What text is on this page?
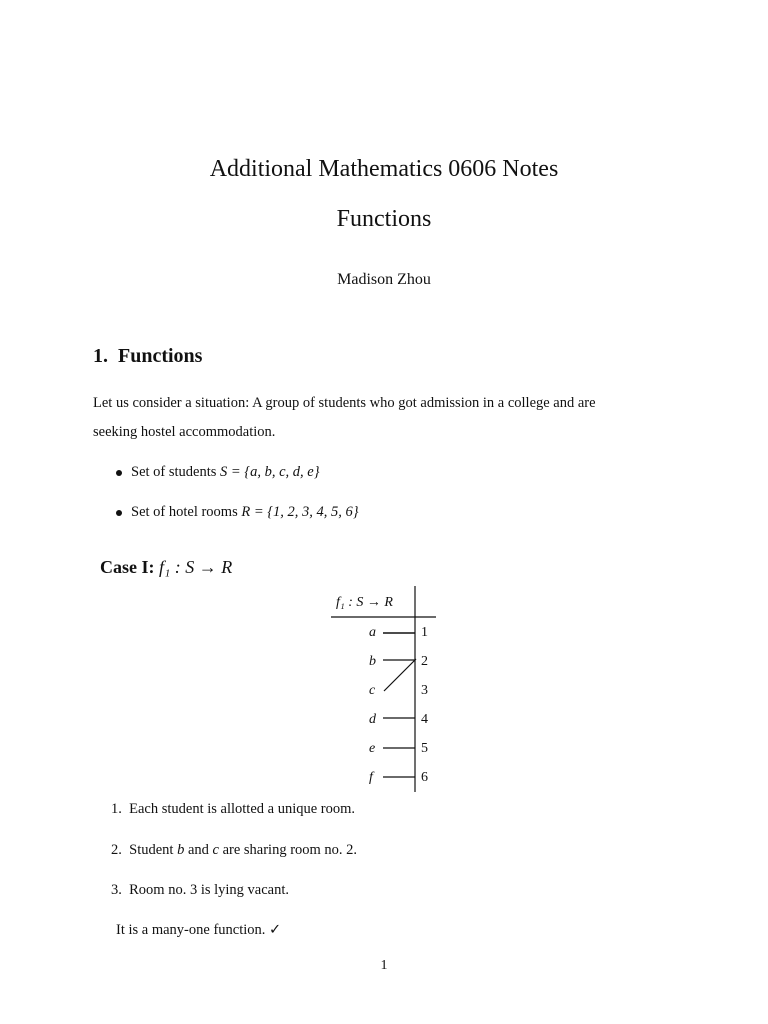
Additional Mathematics 0606 Notes
Functions
Madison Zhou
1. Functions
Let us consider a situation: A group of students who got admission in a college and are
seeking hostel accommodation.
Set of students S = {a, b, c, d, e}
Set of hotel rooms R = {1, 2, 3, 4, 5, 6}
Case I: f₁ : S → R
f₁ : S → R
a
b
c
d
e
f
1
2
3
4
5
6
1. Each student is allotted a unique room.
2. Student b and c are sharing room no. 2.
3. Room no. 3 is lying vacant.
It is a many-one function. ✓
1
